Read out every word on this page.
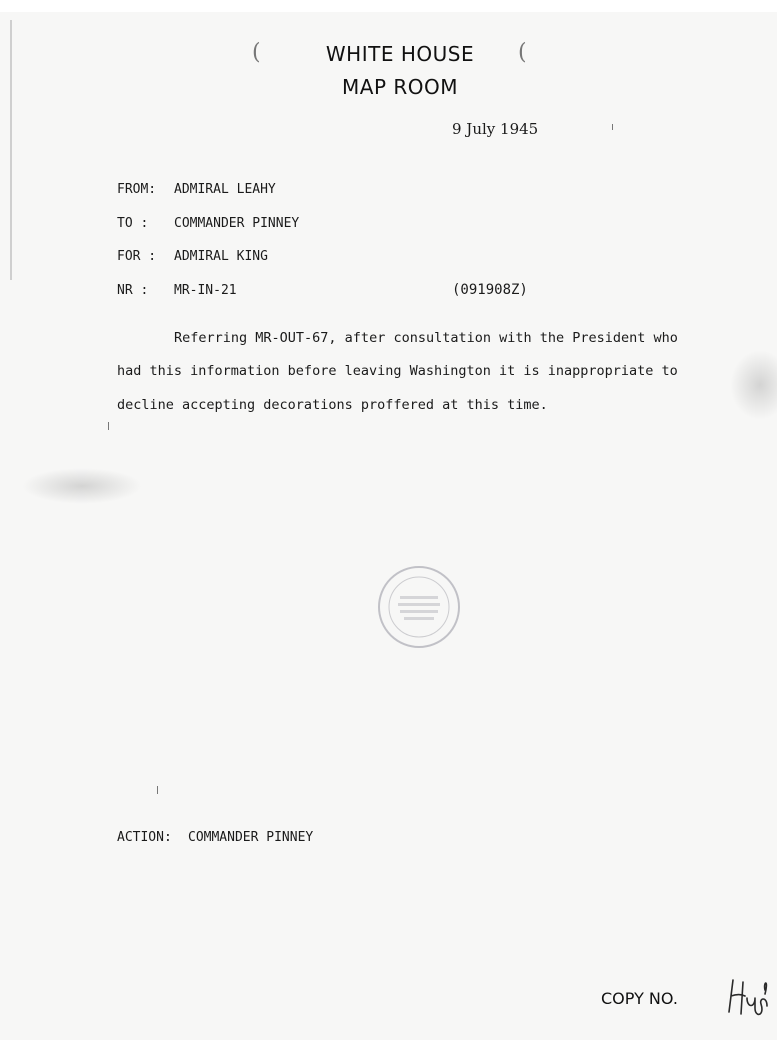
(	(
WHITE HOUSE
MAP ROOM
9 July 1945
FROM: ADMIRAL LEAHY
TO : COMMANDER PINNEY
FOR : ADMIRAL KING
NR : MR-IN-21	(091908Z)
Referring MR-OUT-67, after consultation with the President who
had this information before leaving Washington it is inappropriate to
decline accepting decorations proffered at this time.
ACTION: COMMANDER PINNEY
COPY NO.
